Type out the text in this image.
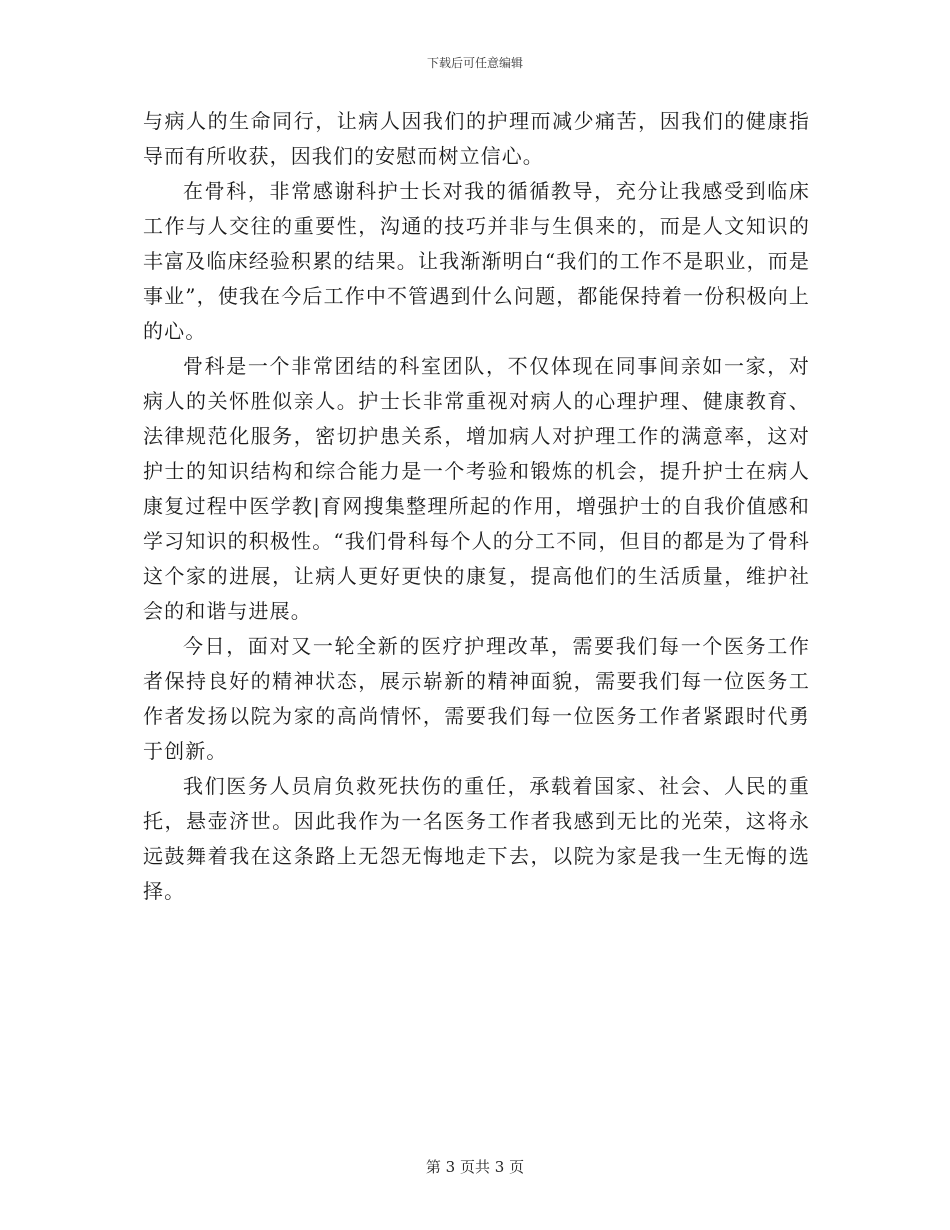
下载后可任意编辑

与病人的生命同行，让病人因我们的护理而减少痛苦，因我们的健康指导而有所收获，因我们的安慰而树立信心。

在骨科，非常感谢科护士长对我的循循教导，充分让我感受到临床工作与人交往的重要性，沟通的技巧并非与生俱来的，而是人文知识的丰富及临床经验积累的结果。让我渐渐明白“我们的工作不是职业，而是事业”，使我在今后工作中不管遇到什么问题，都能保持着一份积极向上的心。

骨科是一个非常团结的科室团队，不仅体现在同事间亲如一家，对病人的关怀胜似亲人。护士长非常重视对病人的心理护理、健康教育、法律规范化服务，密切护患关系，增加病人对护理工作的满意率，这对护士的知识结构和综合能力是一个考验和锻炼的机会，提升护士在病人康复过程中医学教|育网搜集整理所起的作用，增强护士的自我价值感和学习知识的积极性。“我们骨科每个人的分工不同，但目的都是为了骨科这个家的进展，让病人更好更快的康复，提高他们的生活质量，维护社会的和谐与进展。

今日，面对又一轮全新的医疗护理改革，需要我们每一个医务工作者保持良好的精神状态，展示崭新的精神面貌，需要我们每一位医务工作者发扬以院为家的高尚情怀，需要我们每一位医务工作者紧跟时代勇于创新。

我们医务人员肩负救死扶伤的重任，承载着国家、社会、人民的重托，悬壶济世。因此我作为一名医务工作者我感到无比的光荣，这将永远鼓舞着我在这条路上无怨无悔地走下去，以院为家是我一生无悔的选择。

第 3 页共 3 页
